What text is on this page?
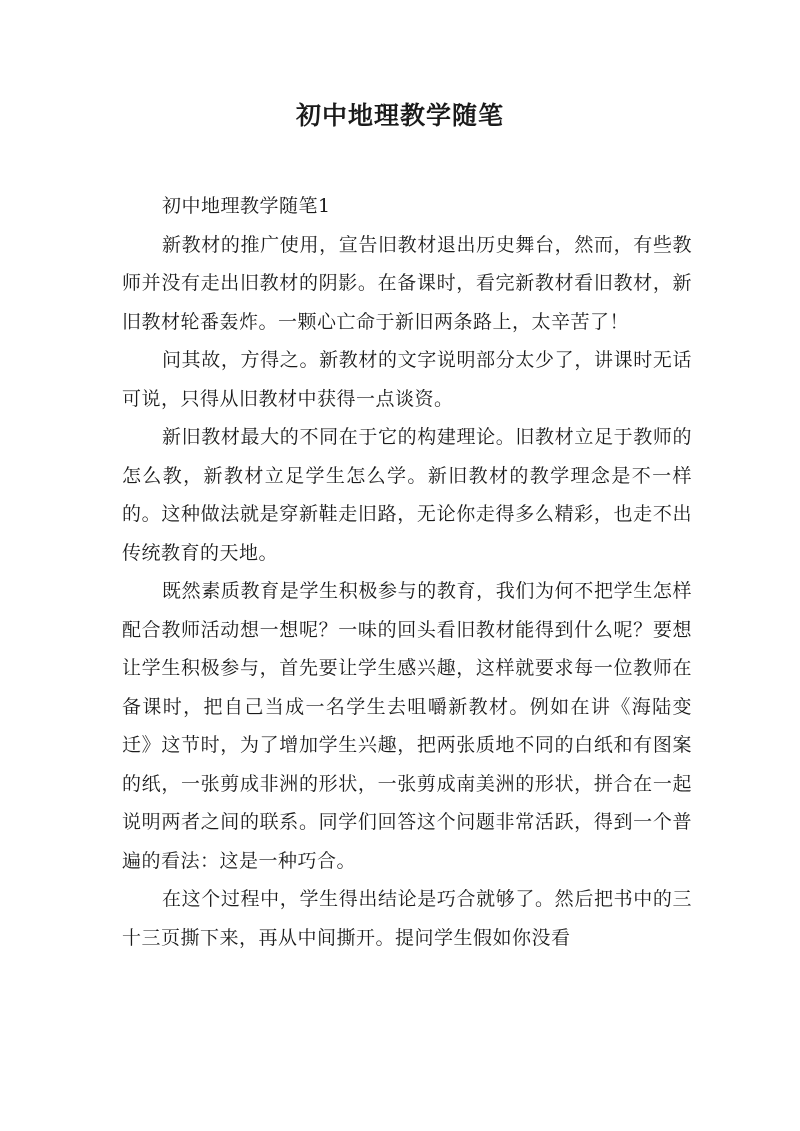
初中地理教学随笔

初中地理教学随笔1

新教材的推广使用，宣告旧教材退出历史舞台，然而，有些教师并没有走出旧教材的阴影。在备课时，看完新教材看旧教材，新旧教材轮番轰炸。一颗心亡命于新旧两条路上，太辛苦了！

问其故，方得之。新教材的文字说明部分太少了，讲课时无话可说，只得从旧教材中获得一点谈资。

新旧教材最大的不同在于它的构建理论。旧教材立足于教师的怎么教，新教材立足学生怎么学。新旧教材的教学理念是不一样的。这种做法就是穿新鞋走旧路，无论你走得多么精彩，也走不出传统教育的天地。

既然素质教育是学生积极参与的教育，我们为何不把学生怎样配合教师活动想一想呢？一味的回头看旧教材能得到什么呢？要想让学生积极参与，首先要让学生感兴趣，这样就要求每一位教师在备课时，把自己当成一名学生去咀嚼新教材。例如在讲《海陆变迁》这节时，为了增加学生兴趣，把两张质地不同的白纸和有图案的纸，一张剪成非洲的形状，一张剪成南美洲的形状，拼合在一起说明两者之间的联系。同学们回答这个问题非常活跃，得到一个普遍的看法：这是一种巧合。

在这个过程中，学生得出结论是巧合就够了。然后把书中的三十三页撕下来，再从中间撕开。提问学生假如你没看
